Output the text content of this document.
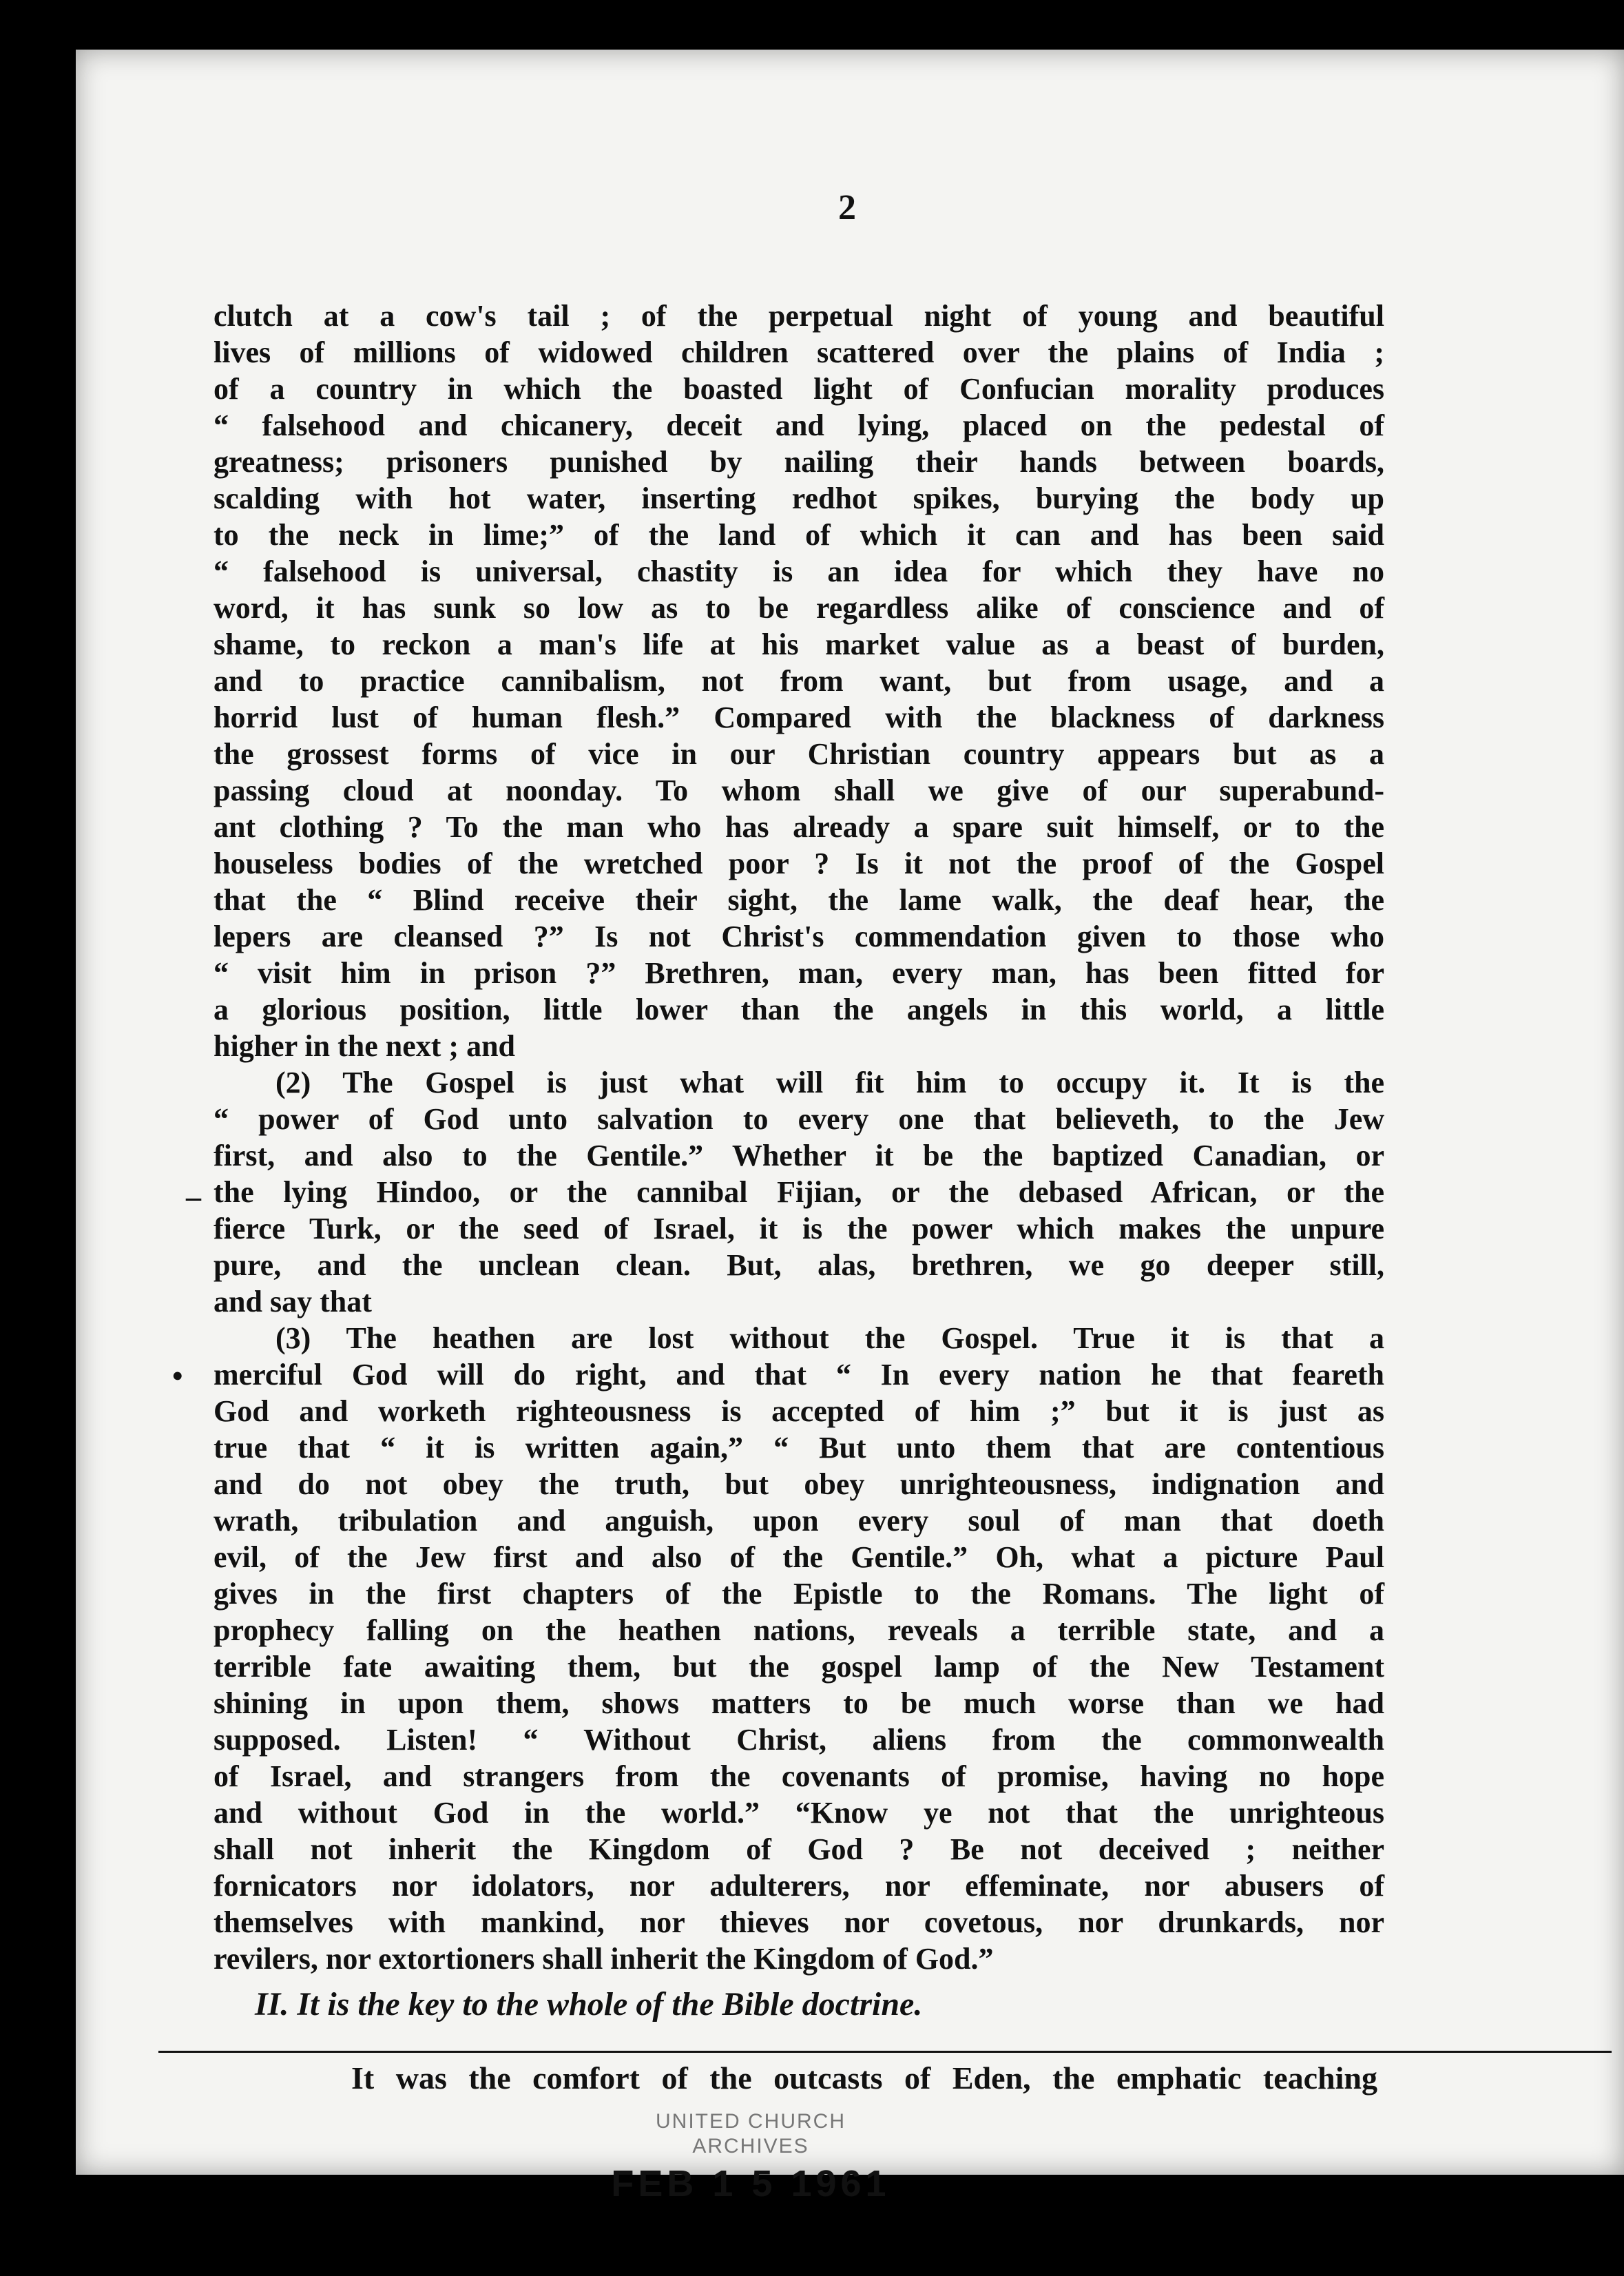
2
clutch at a cow's tail ; of the perpetual night of young and beautiful
lives of millions of widowed children scattered over the plains of India ;
of a country in which the boasted light of Confucian morality produces
“ falsehood and chicanery, deceit and lying, placed on the pedestal of
greatness; prisoners punished by nailing their hands between boards,
scalding with hot water, inserting redhot spikes, burying the body up
to the neck in lime;” of the land of which it can and has been said
“ falsehood is universal, chastity is an idea for which they have no
word, it has sunk so low as to be regardless alike of conscience and of
shame, to reckon a man's life at his market value as a beast of burden,
and to practice cannibalism, not from want, but from usage, and a
horrid lust of human flesh.” Compared with the blackness of darkness
the grossest forms of vice in our Christian country appears but as a
passing cloud at noonday. To whom shall we give of our superabund-
ant clothing ? To the man who has already a spare suit himself, or to the
houseless bodies of the wretched poor ? Is it not the proof of the Gospel
that the “ Blind receive their sight, the lame walk, the deaf hear, the
lepers are cleansed ?” Is not Christ's commendation given to those who
“ visit him in prison ?” Brethren, man, every man, has been fitted for
a glorious position, little lower than the angels in this world, a little
higher in the next ; and
(2) The Gospel is just what will fit him to occupy it. It is the
“ power of God unto salvation to every one that believeth, to the Jew
first, and also to the Gentile.” Whether it be the baptized Canadian, or
the lying Hindoo, or the cannibal Fijian, or the debased African, or the
fierce Turk, or the seed of Israel, it is the power which makes the unpure
pure, and the unclean clean. But, alas, brethren, we go deeper still,
and say that
(3) The heathen are lost without the Gospel. True it is that a
merciful God will do right, and that “ In every nation he that feareth
God and worketh righteousness is accepted of him ;” but it is just as
true that “ it is written again,” “ But unto them that are contentious
and do not obey the truth, but obey unrighteousness, indignation and
wrath, tribulation and anguish, upon every soul of man that doeth
evil, of the Jew first and also of the Gentile.” Oh, what a picture Paul
gives in the first chapters of the Epistle to the Romans. The light of
prophecy falling on the heathen nations, reveals a terrible state, and a
terrible fate awaiting them, but the gospel lamp of the New Testament
shining in upon them, shows matters to be much worse than we had
supposed. Listen! “ Without Christ, aliens from the commonwealth
of Israel, and strangers from the covenants of promise, having no hope
and without God in the world.” “Know ye not that the unrighteous
shall not inherit the Kingdom of God ? Be not deceived ; neither
fornicators nor idolators, nor adulterers, nor effeminate, nor abusers of
themselves with mankind, nor thieves nor covetous, nor drunkards, nor
revilers, nor extortioners shall inherit the Kingdom of God.”
II. It is the key to the whole of the Bible doctrine.
It was the comfort of the outcasts of Eden, the emphatic teaching
UNITED CHURCH
ARCHIVES
FEB 1 5 1961
–
•
